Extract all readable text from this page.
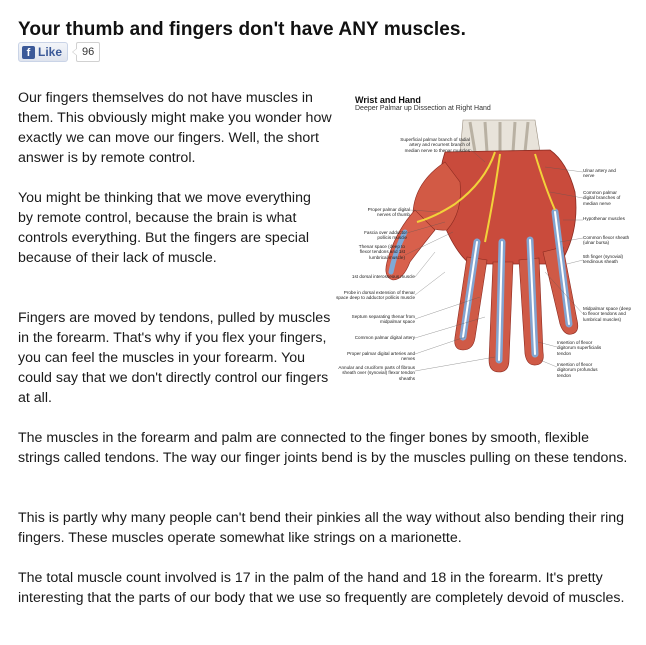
Your thumb and fingers don't have ANY muscles.
f Like	96

Our fingers themselves do not have muscles in them. This obviously might make you wonder how exactly we can move our fingers. Well, the short answer is by remote control.

You might be thinking that we move everything by remote control, because the brain is what controls everything. But the fingers are special because of their lack of muscle.

Fingers are moved by tendons, pulled by muscles in the forearm. That's why if you flex your fingers, you can feel the muscles in your forearm. You could say that we don't directly control our fingers at all.

Wrist and Hand
Deeper Palmar up Dissection at Right Hand
Superficial palmar branch of radial artery and recurrent branch of median nerve to thenar muscles
Ulnar artery and nerve
Common palmar digital branches of median nerve
Proper palmar digital nerves of thumb
Hypothenar muscles
Fascia over adductor pollicis muscle	Common flexor sheath (ulnar bursa)
Thenar space (deep to flexor tendons and 1st lumbrical muscle)	5th finger (synovial) tendinous sheath
1st dorsal interosseous muscle
Probe in dorsal extension of thenar space deep to adductor pollicis muscle
Midpalmar space (deep to flexor tendons and lumbrical muscles)
Septum separating thenar from midpalmar space
Common palmar digital artery
Insertion of flexor digitorum superficialis tendon
Proper palmar digital arteries and nerves
Annular and cruciform parts of fibrous sheath over (synovial) flexor tendon sheaths
Insertion of flexor digitorum profundus tendon

The muscles in the forearm and palm are connected to the finger bones by smooth, flexible strings called tendons. The way our finger joints bend is by the muscles pulling on these tendons.

This is partly why many people can't bend their pinkies all the way without also bending their ring fingers. These muscles operate somewhat like strings on a marionette.

The total muscle count involved is 17 in the palm of the hand and 18 in the forearm. It's pretty interesting that the parts of our body that we use so frequently are completely devoid of muscles.
